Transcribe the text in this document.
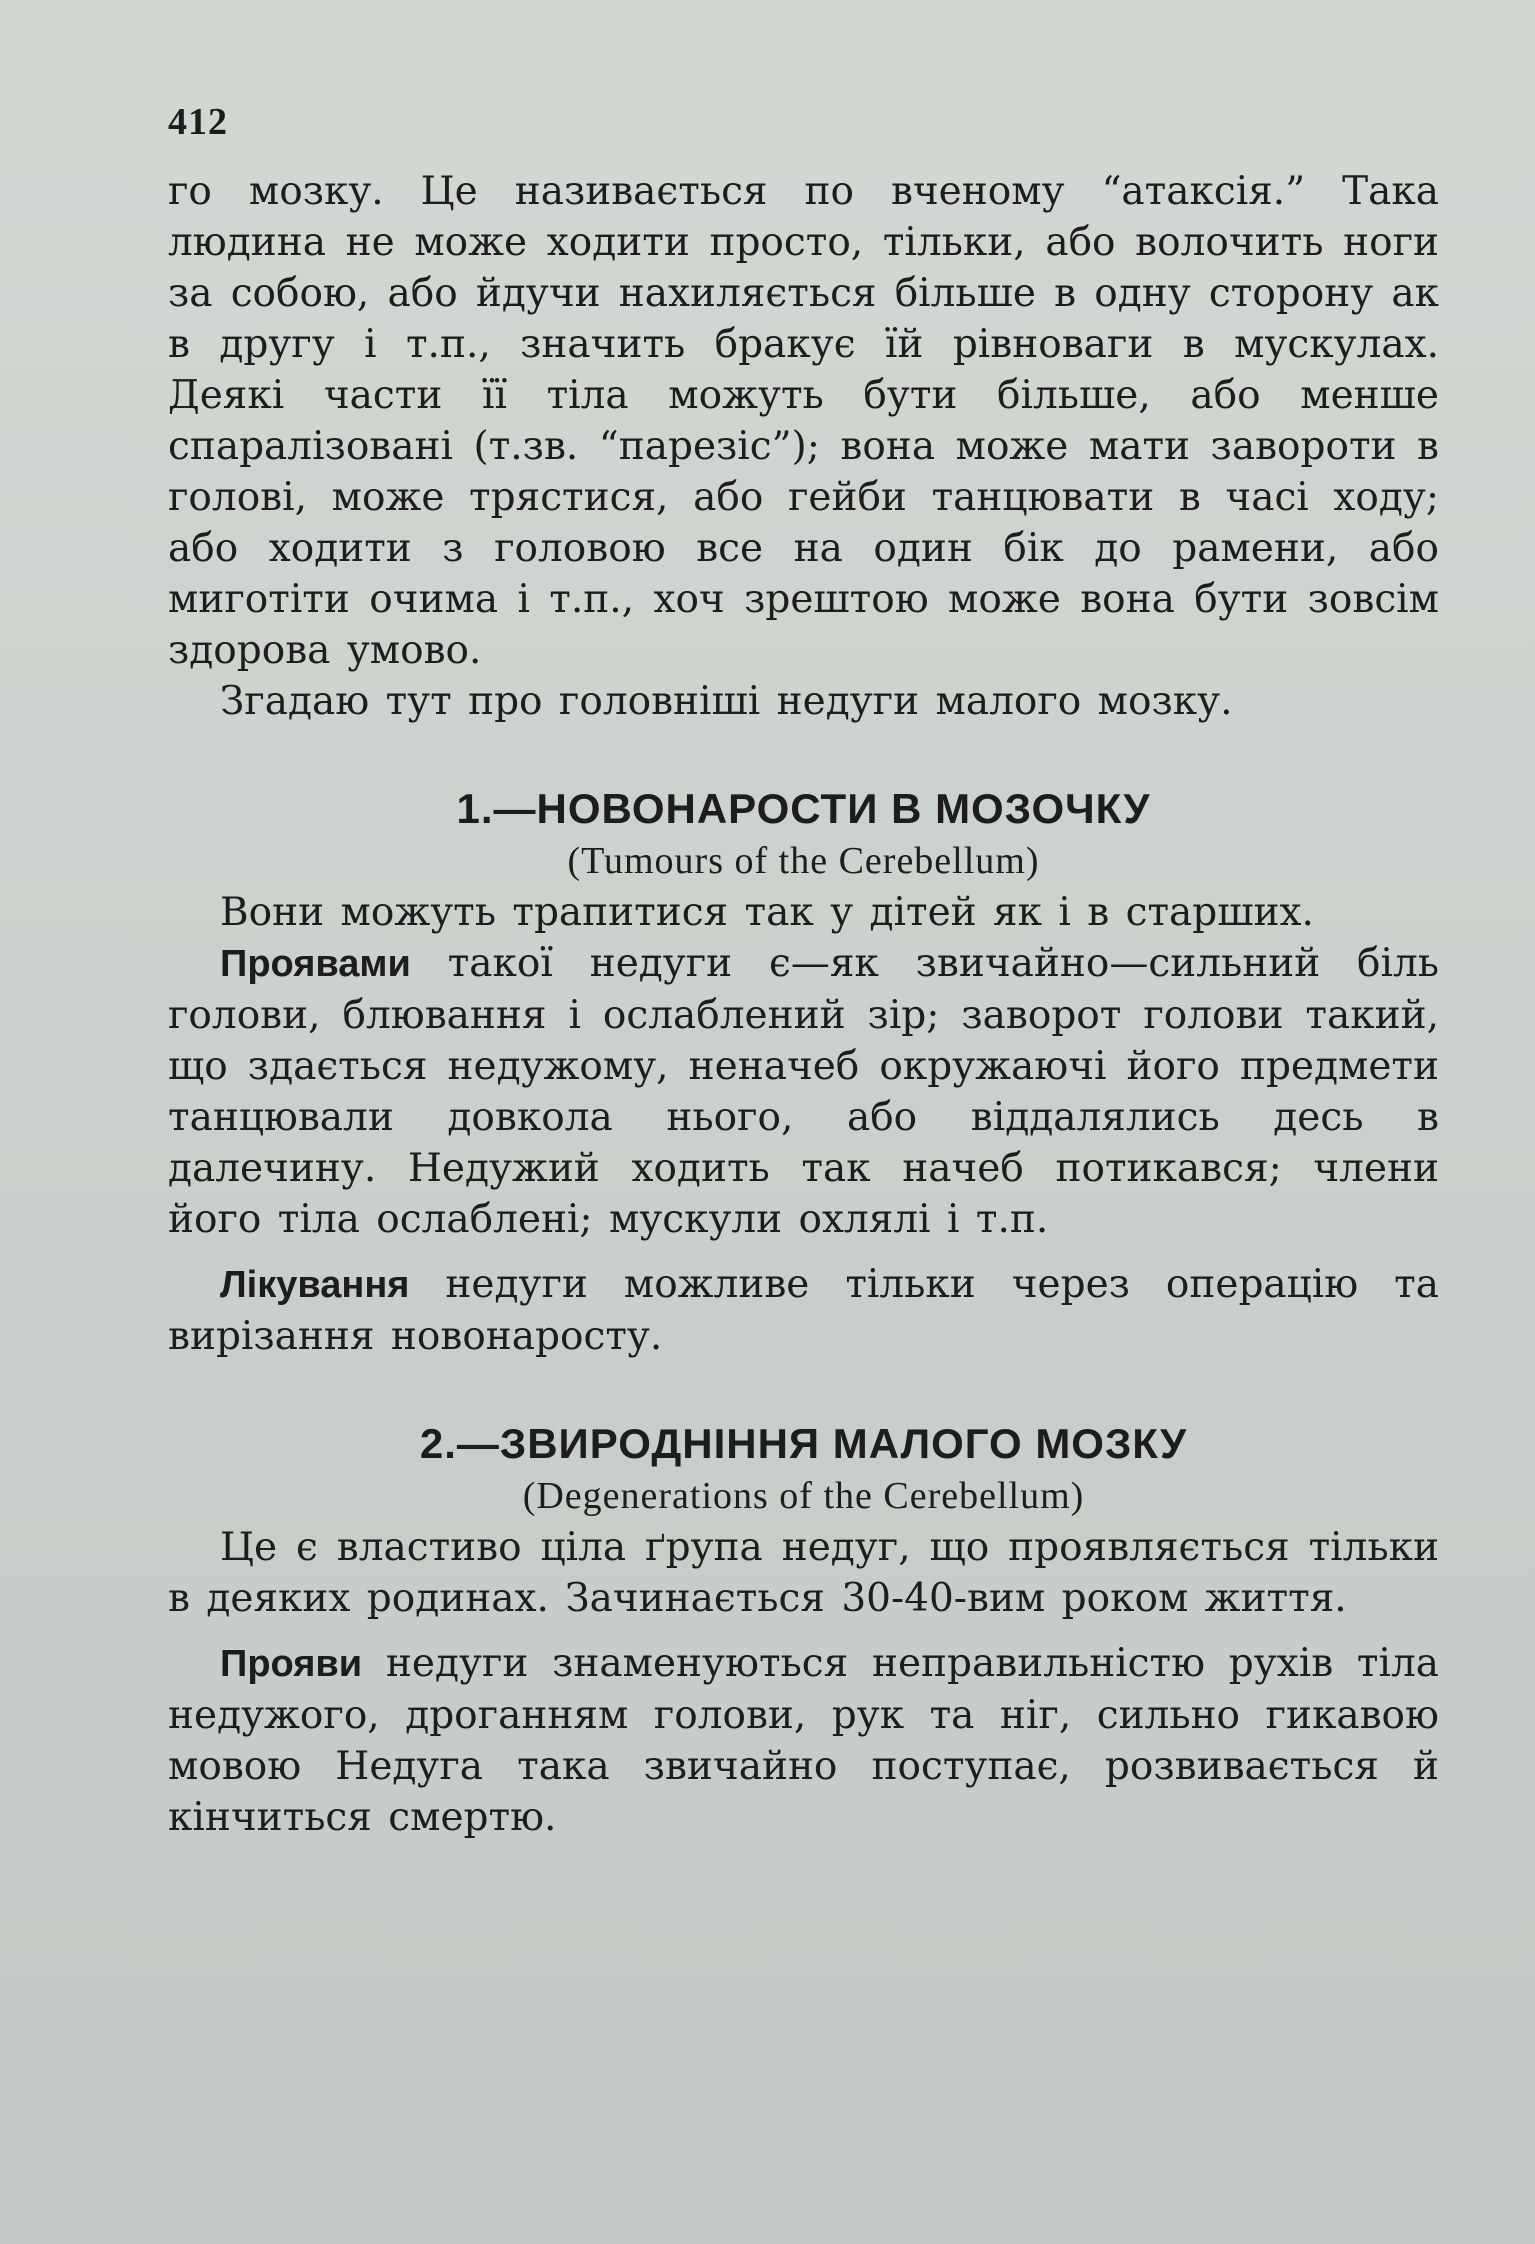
412

го мозку. Це називається по вченому “атаксія.” Така людина не може ходити просто, тільки, або волочить ноги за собою, або йдучи нахиляється більше в одну сторону ак в другу і т.п., значить бракує їй рівноваги в мускулах. Деякі части її тіла можуть бути більше, або менше спаралізовані (т.зв. “парезіс”); вона може мати завороти в голові, може трястися, або гейби танцювати в часі ходу; або ходити з головою все на один бік до рамени, або миготіти очима і т.п., хоч зрештою може вона бути зовсім здорова умово.

Згадаю тут про головніші недуги малого мозку.

1.—НОВОНАРОСТИ В МОЗОЧКУ
(Tumours of the Cerebellum)

Вони можуть трапитися так у дітей як і в старших.

Проявами такої недуги є—як звичайно—сильний біль голови, блювання і ослаблений зір; заворот голови такий, що здається недужому, неначеб окружаючі його предмети танцювали довкола нього, або віддалялись десь в далечину. Недужий ходить так начеб потикався; члени його тіла ослаблені; мускули охлялі і т.п.

Лікування недуги можливе тільки через операцію та вирізання новонаросту.

2.—ЗВИРОДНІННЯ МАЛОГО МОЗКУ
(Degenerations of the Cerebellum)

Це є властиво ціла ґрупа недуг, що проявляється тільки в деяких родинах. Зачинається 30-40-вим роком життя.

Прояви недуги знаменуються неправильністю рухів тіла недужого, дроганням голови, рук та ніг, сильно гикавою мовою Недуга така звичайно поступає, розвивається й кінчиться смертю.
